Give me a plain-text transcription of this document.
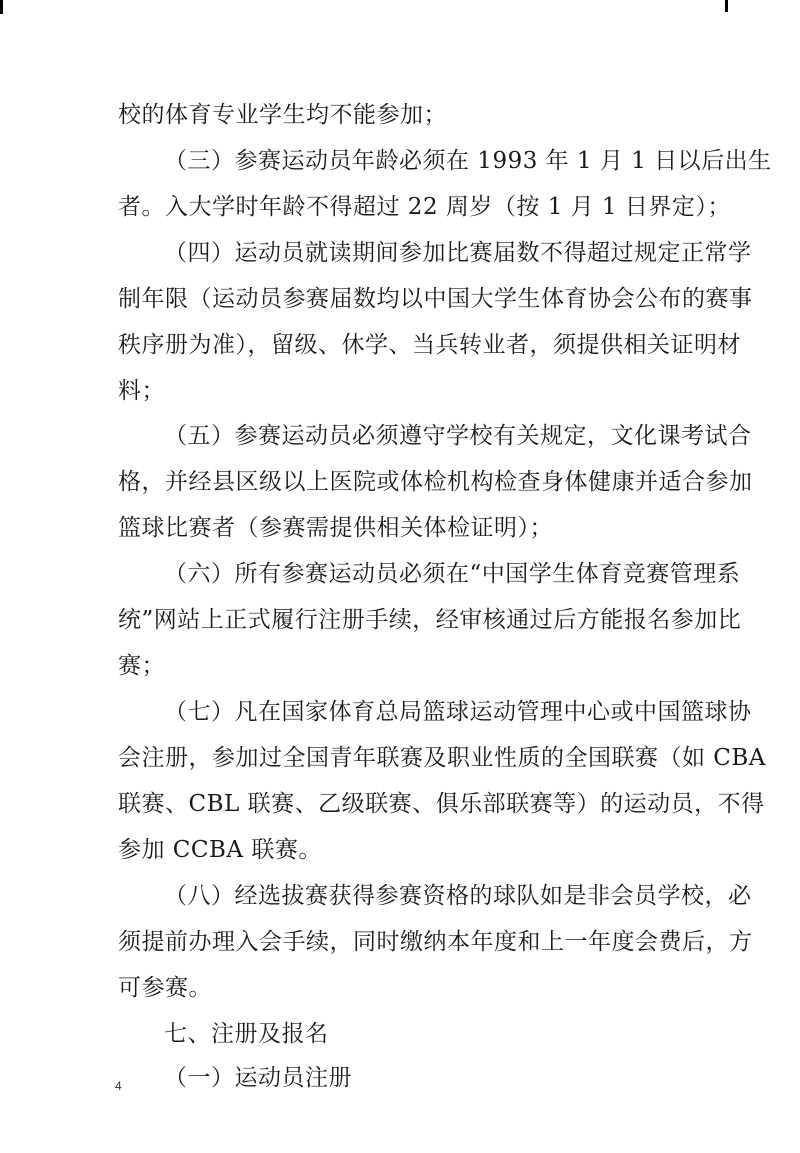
校的体育专业学生均不能参加；
（三）参赛运动员年龄必须在 1993 年 1 月 1 日以后出生
者。入大学时年龄不得超过 22 周岁（按 1 月 1 日界定）；
（四）运动员就读期间参加比赛届数不得超过规定正常学
制年限（运动员参赛届数均以中国大学生体育协会公布的赛事
秩序册为准），留级、休学、当兵转业者，须提供相关证明材
料；
（五）参赛运动员必须遵守学校有关规定，文化课考试合
格，并经县区级以上医院或体检机构检查身体健康并适合参加
篮球比赛者（参赛需提供相关体检证明）；
（六）所有参赛运动员必须在“中国学生体育竞赛管理系
统”网站上正式履行注册手续，经审核通过后方能报名参加比
赛；
（七）凡在国家体育总局篮球运动管理中心或中国篮球协
会注册，参加过全国青年联赛及职业性质的全国联赛（如 CBA
联赛、CBL 联赛、乙级联赛、俱乐部联赛等）的运动员，不得
参加 CCBA 联赛。
（八）经选拔赛获得参赛资格的球队如是非会员学校，必
须提前办理入会手续，同时缴纳本年度和上一年度会费后，方
可参赛。
七、注册及报名
（一）运动员注册
4
